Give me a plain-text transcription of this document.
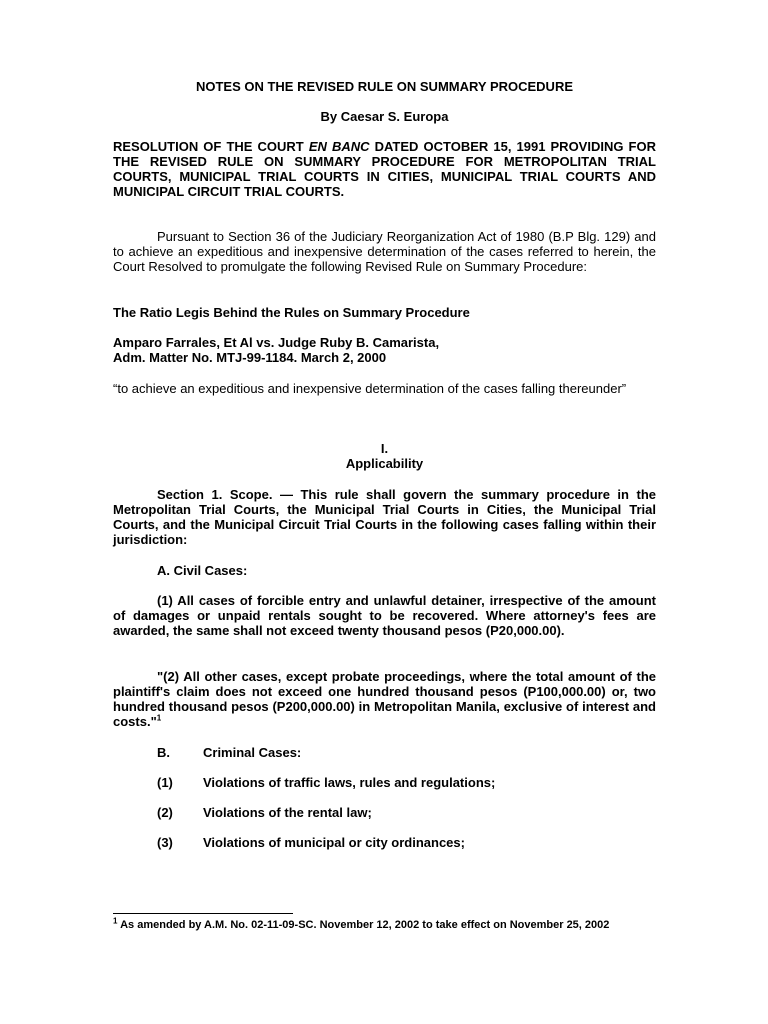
NOTES ON THE REVISED RULE ON SUMMARY PROCEDURE

By Caesar S. Europa

RESOLUTION OF THE COURT EN BANC DATED OCTOBER 15, 1991 PROVIDING FOR THE REVISED RULE ON SUMMARY PROCEDURE FOR METROPOLITAN TRIAL COURTS, MUNICIPAL TRIAL COURTS IN CITIES, MUNICIPAL TRIAL COURTS AND MUNICIPAL CIRCUIT TRIAL COURTS.

Pursuant to Section 36 of the Judiciary Reorganization Act of 1980 (B.P Blg. 129) and to achieve an expeditious and inexpensive determination of the cases referred to herein, the Court Resolved to promulgate the following Revised Rule on Summary Procedure:

The Ratio Legis Behind the Rules on Summary Procedure

Amparo Farrales, Et Al vs. Judge Ruby B. Camarista,

Adm. Matter No. MTJ-99-1184. March 2, 2000

“to achieve an expeditious and inexpensive determination of the cases falling thereunder”

I.

Applicability

Section 1. Scope. — This rule shall govern the summary procedure in the Metropolitan Trial Courts, the Municipal Trial Courts in Cities, the Municipal Trial Courts, and the Municipal Circuit Trial Courts in the following cases falling within their jurisdiction:

A. Civil Cases:

(1) All cases of forcible entry and unlawful detainer, irrespective of the amount of damages or unpaid rentals sought to be recovered. Where attorney's fees are awarded, the same shall not exceed twenty thousand pesos (P20,000.00).

"(2) All other cases, except probate proceedings, where the total amount of the plaintiff's claim does not exceed one hundred thousand pesos (P100,000.00) or, two hundred thousand pesos (P200,000.00) in Metropolitan Manila, exclusive of interest and costs."$^1$

B.	Criminal Cases:
(1) Violations of traffic laws, rules and regulations;
(2) Violations of the rental law;
(3) Violations of municipal or city ordinances;

$^1$ As amended by A.M. No. 02-11-09-SC. November 12, 2002 to take effect on November 25, 2002
